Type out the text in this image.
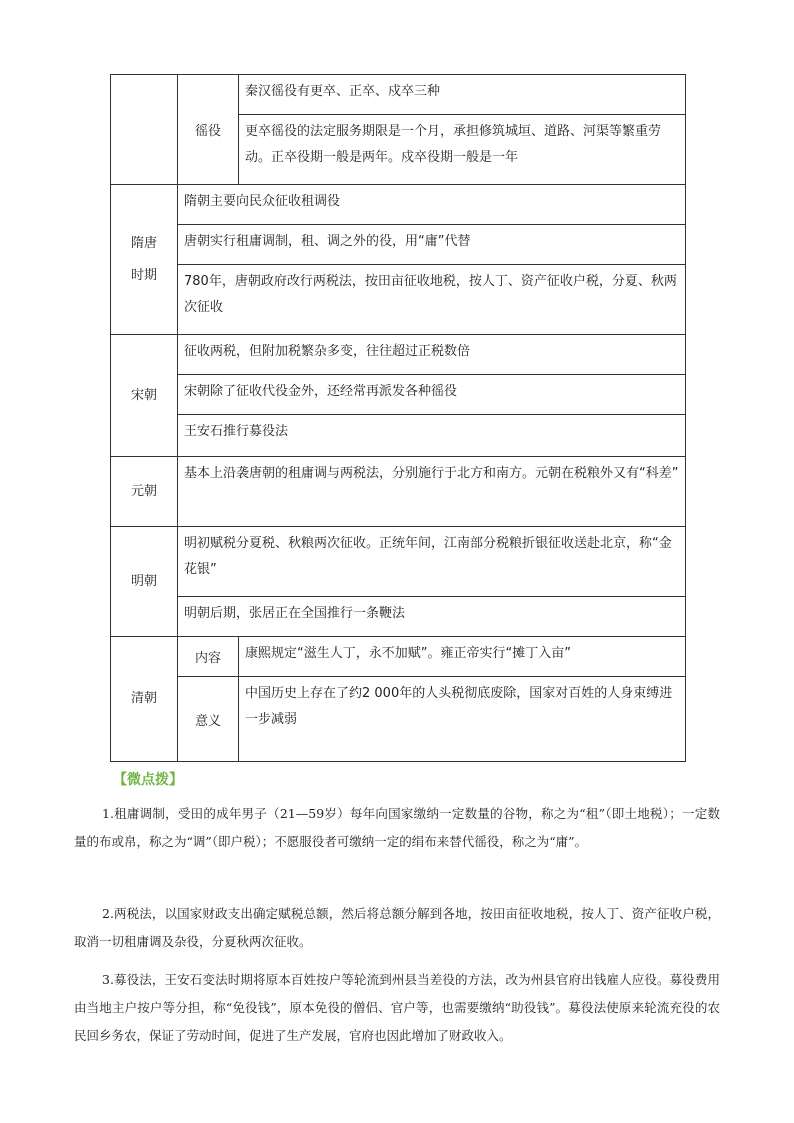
	徭役	秦汉徭役有更卒、正卒、戍卒三种
		更卒徭役的法定服务期限是一个月，承担修筑城垣、道路、河渠等繁重劳动。正卒役期一般是两年。戍卒役期一般是一年
隋唐
时期	隋朝主要向民众征收租调役	
	唐朝实行租庸调制，租、调之外的役，用“庸”代替	
	780年，唐朝政府改行两税法，按田亩征收地税，按人丁、资产征收户税，分夏、秋两次征收	
宋朝	征收两税，但附加税繁杂多变，往往超过正税数倍	
	宋朝除了征收代役金外，还经常再派发各种徭役	
	王安石推行募役法	
元朝	基本上沿袭唐朝的租庸调与两税法，分别施行于北方和南方。元朝在税粮外又有“科差”	
明朝	明初赋税分夏税、秋粮两次征收。正统年间，江南部分税粮折银征收送赴北京，称“金花银”	
	明朝后期，张居正在全国推行一条鞭法	
清朝	内容	康熙规定“滋生人丁，永不加赋”。雍正帝实行“摊丁入亩”
	意义	中国历史上存在了约2 000年的人头税彻底废除，国家对百姓的人身束缚进一步减弱
【微点拨】

1.租庸调制，受田的成年男子（21—59岁）每年向国家缴纳一定数量的谷物，称之为“租”（即土地税）；一定数量的布或帛，称之为“调”（即户税）；不愿服役者可缴纳一定的绢布来替代徭役，称之为“庸”。

2.两税法，以国家财政支出确定赋税总额，然后将总额分解到各地，按田亩征收地税，按人丁、资产征收户税，取消一切租庸调及杂役，分夏秋两次征收。

3.募役法，王安石变法时期将原本百姓按户等轮流到州县当差役的方法，改为州县官府出钱雇人应役。募役费用由当地主户按户等分担，称“免役钱”，原本免役的僧侣、官户等，也需要缴纳“助役钱”。募役法使原来轮流充役的农民回乡务农，保证了劳动时间，促进了生产发展，官府也因此增加了财政收入。
